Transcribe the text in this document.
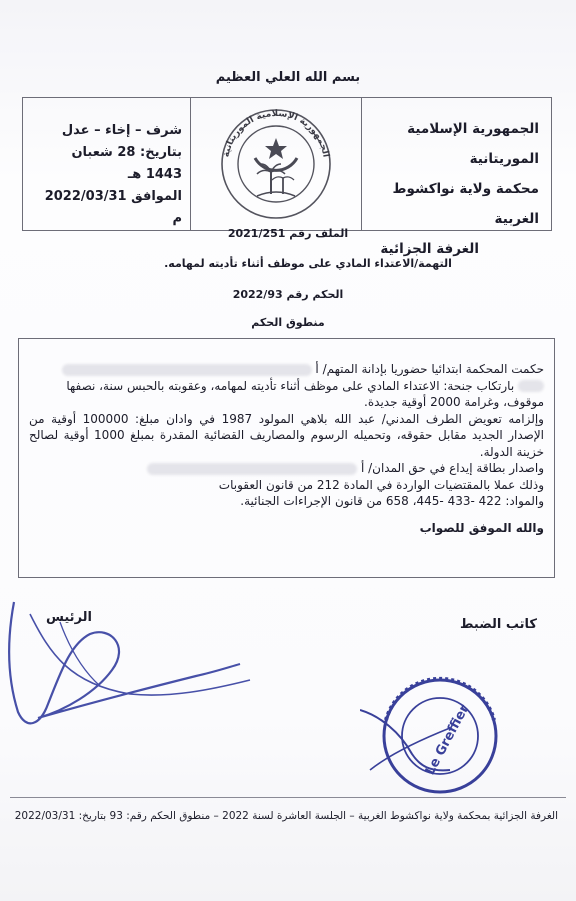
بسم الله العلي العظيم
شرف – إخاء – عدل
بتاريخ: 28 شعبان
1443 هـ
الموافق 2022/03/31 م
الجمهورية الإسلامية الموريتانية
الجمهورية الإسلامية الموريتانية
محكمة ولاية نواكشوط الغربية
الغرفة الجزائية
الملف رقم 2021/251
التهمة/الاعتداء المادي على موظف أثناء تأديته لمهامه.
الحكم رقم 2022/93
منطوق الحكم

حكمت المحكمة ابتدائيا حضوريا بإدانة المتهم/ أ

بارتكاب جنحة: الاعتداء المادي على موظف أثناء تأديته لمهامه، وعقوبته بالحبس سنة، نصفها

موقوف، وغرامة 2000 أوقية جديدة.

وإلزامه تعويض الطرف المدني/ عبد الله بلاهي المولود 1987 في وادان مبلغ: 100000 أوقية من الإصدار الجديد مقابل حقوقه، وتحميله الرسوم والمصاريف القضائية المقدرة بمبلغ 1000 أوقية لصالح خزينة الدولة.

واصدار بطاقة إيداع في حق المدان/ أ

وذلك عملا بالمقتضيات الواردة في المادة 212 من قانون العقوبات

والمواد: 422 -433 -445، 658 من قانون الإجراءات الجنائية.

والله الموفق للصواب

الرئيس	كاتب الضبط
Le Greffier
الغرفة الجزائية بمحكمة ولاية نواكشوط الغربية – الجلسة العاشرة لسنة 2022 – منطوق الحكم رقم: 93 بتاريخ: 2022/03/31
